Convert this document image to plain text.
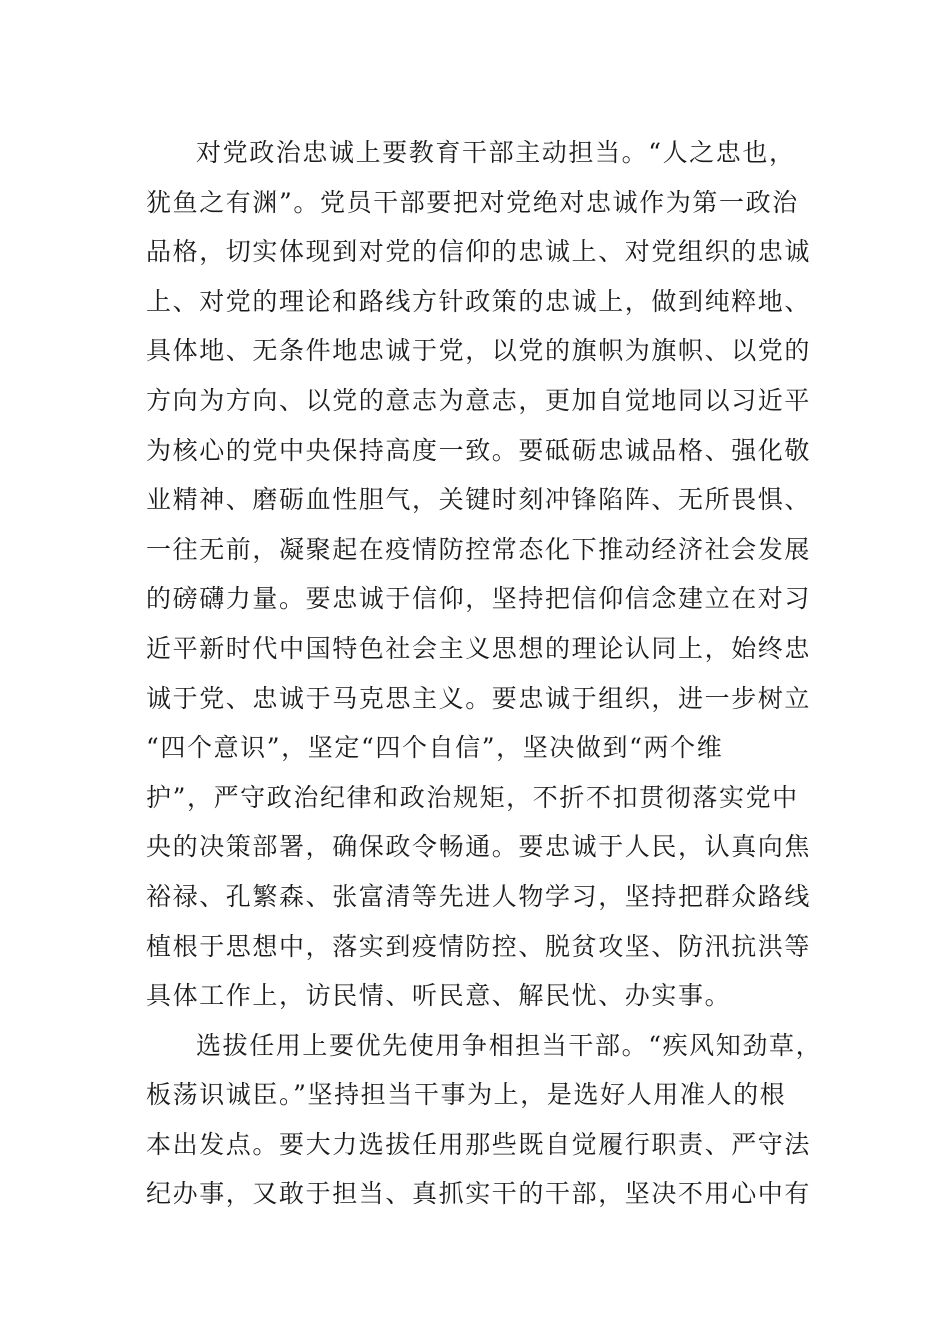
对党政治忠诚上要教育干部主动担当。“人之忠也，
犹鱼之有渊”。党员干部要把对党绝对忠诚作为第一政治
品格，切实体现到对党的信仰的忠诚上、对党组织的忠诚
上、对党的理论和路线方针政策的忠诚上，做到纯粹地、
具体地、无条件地忠诚于党，以党的旗帜为旗帜、以党的
方向为方向、以党的意志为意志，更加自觉地同以习近平
为核心的党中央保持高度一致。要砥砺忠诚品格、强化敬
业精神、磨砺血性胆气，关键时刻冲锋陷阵、无所畏惧、
一往无前，凝聚起在疫情防控常态化下推动经济社会发展
的磅礴力量。要忠诚于信仰，坚持把信仰信念建立在对习
近平新时代中国特色社会主义思想的理论认同上，始终忠
诚于党、忠诚于马克思主义。要忠诚于组织，进一步树立
“四个意识”，坚定“四个自信”，坚决做到“两个维
护”，严守政治纪律和政治规矩，不折不扣贯彻落实党中
央的决策部署，确保政令畅通。要忠诚于人民，认真向焦
裕禄、孔繁森、张富清等先进人物学习，坚持把群众路线
植根于思想中，落实到疫情防控、脱贫攻坚、防汛抗洪等
具体工作上，访民情、听民意、解民忧、办实事。
选拔任用上要优先使用争相担当干部。“疾风知劲草，
板荡识诚臣。”坚持担当干事为上，是选好人用准人的根
本出发点。要大力选拔任用那些既自觉履行职责、严守法
纪办事，又敢于担当、真抓实干的干部，坚决不用心中有
